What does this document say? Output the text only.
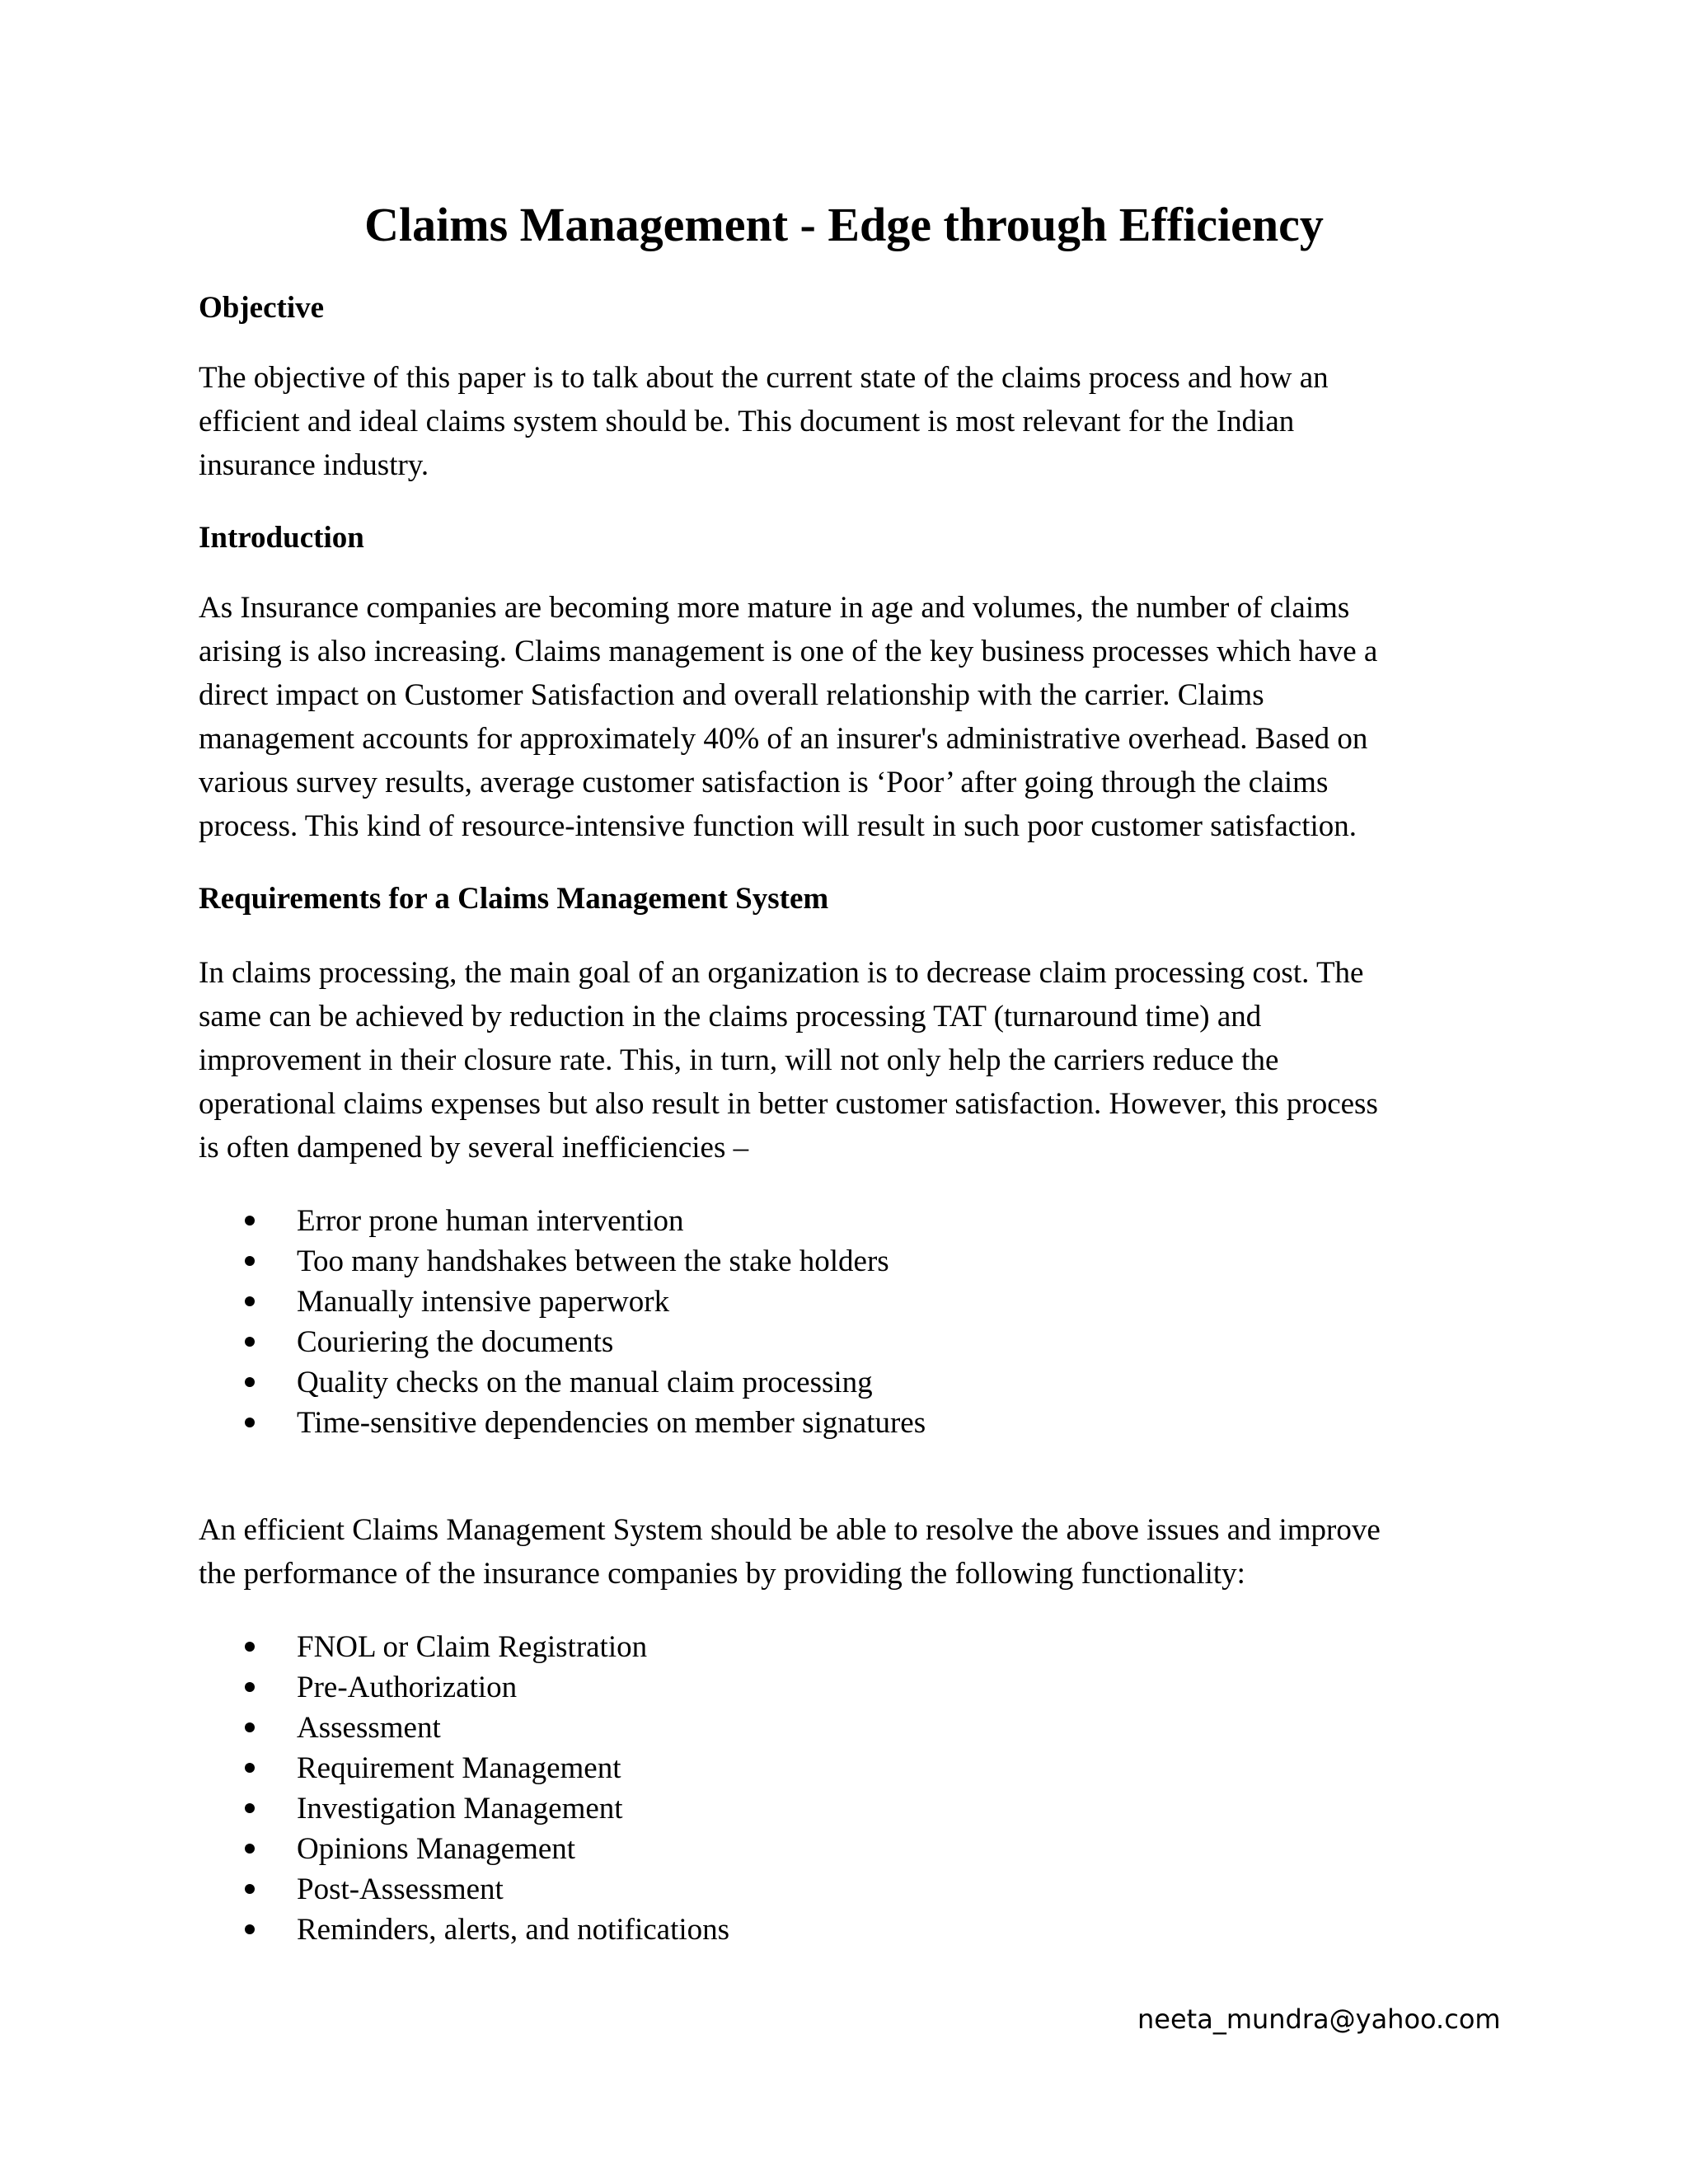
Claims Management - Edge through Efficiency
Objective

The objective of this paper is to talk about the current state of the claims process and how an
efficient and ideal claims system should be. This document is most relevant for the Indian
insurance industry.

Introduction

As Insurance companies are becoming more mature in age and volumes, the number of claims
arising is also increasing. Claims management is one of the key business processes which have a
direct impact on Customer Satisfaction and overall relationship with the carrier. Claims
management accounts for approximately 40% of an insurer's administrative overhead. Based on
various survey results, average customer satisfaction is ‘Poor’ after going through the claims
process. This kind of resource-intensive function will result in such poor customer satisfaction.

Requirements for a Claims Management System

In claims processing, the main goal of an organization is to decrease claim processing cost. The
same can be achieved by reduction in the claims processing TAT (turnaround time) and
improvement in their closure rate. This, in turn, will not only help the carriers reduce the
operational claims expenses but also result in better customer satisfaction. However, this process
is often dampened by several inefficiencies –

Error prone human intervention
Too many handshakes between the stake holders
Manually intensive paperwork
Couriering the documents
Quality checks on the manual claim processing
Time-sensitive dependencies on member signatures

An efficient Claims Management System should be able to resolve the above issues and improve
the performance of the insurance companies by providing the following functionality:

FNOL or Claim Registration
Pre-Authorization
Assessment
Requirement Management
Investigation Management
Opinions Management
Post-Assessment
Reminders, alerts, and notifications

neeta_mundra@yahoo.com
